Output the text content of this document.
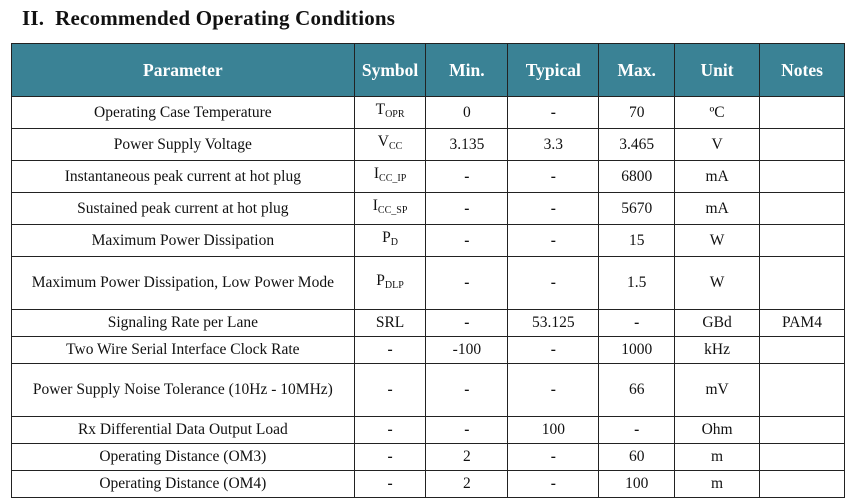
II. Recommended Operating Conditions
Parameter	Symbol	Min.	Typical	Max.	Unit	Notes
Operating Case Temperature	$T_{OPR}$	0	-	70	ºC	
Power Supply Voltage	$V_{CC}$	3.135	3.3	3.465	V	
Instantaneous peak current at hot plug	$I_{CC\_IP}$	-	-	6800	mA	
Sustained peak current at hot plug	$I_{CC\_SP}$	-	-	5670	mA	
Maximum Power Dissipation	$P_D$	-	-	15	W	
Maximum Power Dissipation, Low Power Mode	$P_{DLP}$	-	-	1.5	W	
Signaling Rate per Lane	SRL	-	53.125	-	GBd	PAM4
Two Wire Serial Interface Clock Rate	-	-100	-	1000	kHz	
Power Supply Noise Tolerance (10Hz - 10MHz)	-	-	-	66	mV	
Rx Differential Data Output Load	-	-	100	-	Ohm	
Operating Distance (OM3)	-	2	-	60	m	
Operating Distance (OM4)	-	2	-	100	m	
